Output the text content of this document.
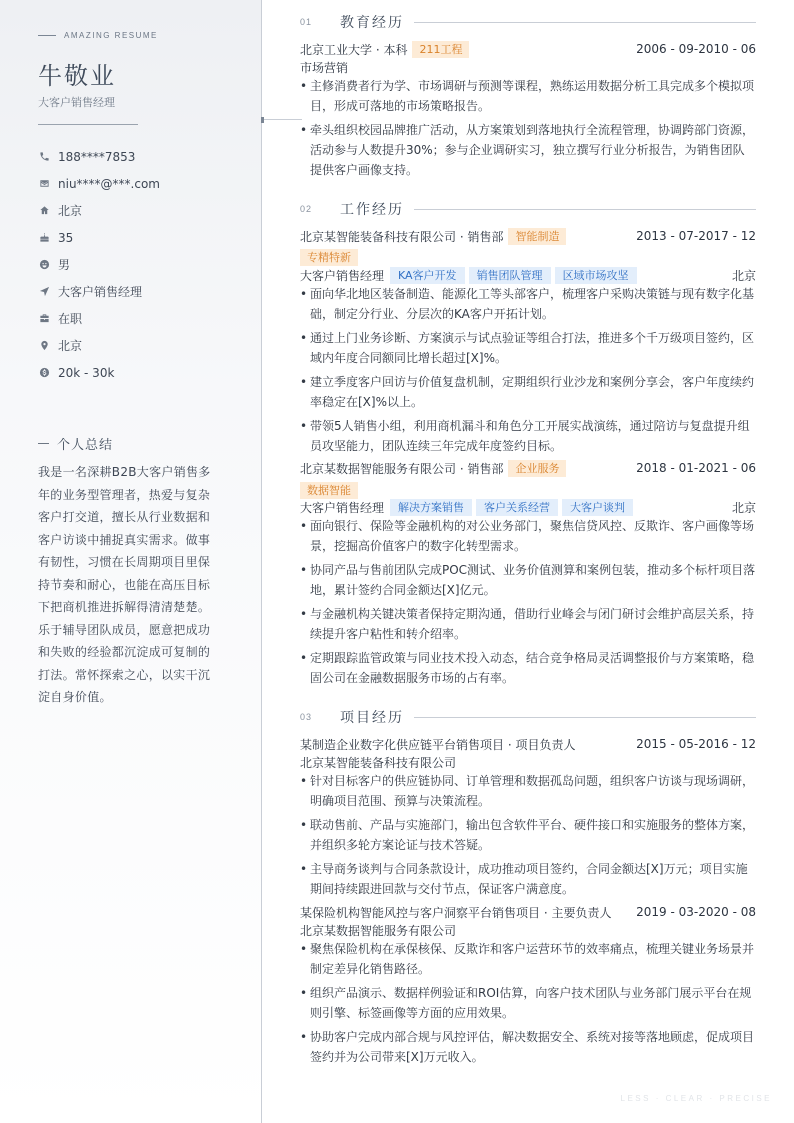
AMAZING RESUME
牛敬业
大客户销售经理
188****7853
niu****@***.com
北京
35
男
大客户销售经理
在职
北京
20k - 30k
个人总结
我是一名深耕B2B大客户销售多年的业务型管理者，热爱与复杂客户打交道，擅长从行业数据和客户访谈中捕捉真实需求。做事有韧性，习惯在长周期项目里保持节奏和耐心，也能在高压目标下把商机推进拆解得清清楚楚。乐于辅导团队成员，愿意把成功和失败的经验都沉淀成可复制的打法。常怀探索之心，以实干沉淀自身价值。
01	教育经历
北京工业大学 · 本科	211工程	2006 - 09-2010 - 06
市场营销
• 主修消费者行为学、市场调研与预测等课程，熟练运用数据分析工具完成多个模拟项目，形成可落地的市场策略报告。
• 牵头组织校园品牌推广活动，从方案策划到落地执行全流程管理，协调跨部门资源，活动参与人数提升30%；参与企业调研实习，独立撰写行业分析报告，为销售团队提供客户画像支持。
02	工作经历
北京某智能装备科技有限公司 · 销售部	智能制造	2013 - 07-2017 - 12
专精特新
大客户销售经理	KA客户开发	销售团队管理	区域市场攻坚	北京
• 面向华北地区装备制造、能源化工等头部客户，梳理客户采购决策链与现有数字化基础，制定分行业、分层次的KA客户开拓计划。
• 通过上门业务诊断、方案演示与试点验证等组合打法，推进多个千万级项目签约，区域内年度合同额同比增长超过[X]%。
• 建立季度客户回访与价值复盘机制，定期组织行业沙龙和案例分享会，客户年度续约率稳定在[X]%以上。
• 带领5人销售小组，利用商机漏斗和角色分工开展实战演练，通过陪访与复盘提升组员攻坚能力，团队连续三年完成年度签约目标。
北京某数据智能服务有限公司 · 销售部	企业服务	2018 - 01-2021 - 06
数据智能
大客户销售经理	解决方案销售	客户关系经营	大客户谈判	北京
• 面向银行、保险等金融机构的对公业务部门，聚焦信贷风控、反欺诈、客户画像等场景，挖掘高价值客户的数字化转型需求。
• 协同产品与售前团队完成POC测试、业务价值测算和案例包装，推动多个标杆项目落地，累计签约合同金额达[X]亿元。
• 与金融机构关键决策者保持定期沟通，借助行业峰会与闭门研讨会维护高层关系，持续提升客户粘性和转介绍率。
• 定期跟踪监管政策与同业技术投入动态，结合竞争格局灵活调整报价与方案策略，稳固公司在金融数据服务市场的占有率。
03	项目经历
某制造企业数字化供应链平台销售项目 · 项目负责人	2015 - 05-2016 - 12
北京某智能装备科技有限公司
• 针对目标客户的供应链协同、订单管理和数据孤岛问题，组织客户访谈与现场调研，明确项目范围、预算与决策流程。
• 联动售前、产品与实施部门，输出包含软件平台、硬件接口和实施服务的整体方案，并组织多轮方案论证与技术答疑。
• 主导商务谈判与合同条款设计，成功推动项目签约，合同金额达[X]万元；项目实施期间持续跟进回款与交付节点，保证客户满意度。
某保险机构智能风控与客户洞察平台销售项目 · 主要负责人 2019 - 03-2020 - 08
北京某数据智能服务有限公司
• 聚焦保险机构在承保核保、反欺诈和客户运营环节的效率痛点，梳理关键业务场景并制定差异化销售路径。
• 组织产品演示、数据样例验证和ROI估算，向客户技术团队与业务部门展示平台在规则引擎、标签画像等方面的应用效果。
• 协助客户完成内部合规与风控评估，解决数据安全、系统对接等落地顾虑，促成项目签约并为公司带来[X]万元收入。
LESS · CLEAR · PRECISE
